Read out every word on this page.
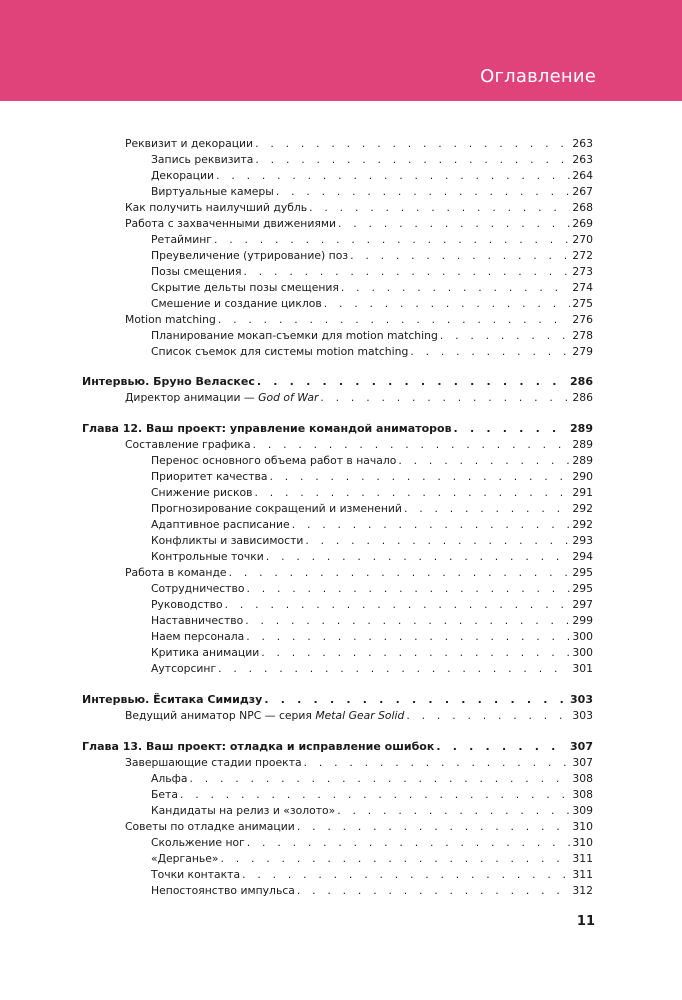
Оглавление
Реквизит и декорации . . .	263
Запись реквизита . . .	263
Декорации . . .	264
Виртуальные камеры . . .	267
Как получить наилучший дубль . . .	268
Работа с захваченными движениями . . .	269
Ретайминг . . .	270
Преувеличение (утрирование) поз . . .	272
Позы смещения . . .	273
Скрытие дельты позы смещения . . .	274
Смешение и создание циклов . . .	275
Motion matching . . .	276
Планирование мокап-съемки для motion matching . . .	278
Список съемок для системы motion matching . . .	279
Интервью. Бруно Веласкес . . .	286
Директор анимации — God of War . . .	286
Глава 12. Ваш проект: управление командой аниматоров . . .	289
Составление графика . . .	289
Перенос основного объема работ в начало . . .	289
Приоритет качества . . .	290
Снижение рисков . . .	291
Прогнозирование сокращений и изменений . . .	292
Адаптивное расписание . . .	292
Конфликты и зависимости . . .	293
Контрольные точки . . .	294
Работа в команде . . .	295
Сотрудничество . . .	295
Руководство . . .	297
Наставничество . . .	299
Наем персонала . . .	300
Критика анимации . . .	300
Аутсорсинг . . .	301
Интервью. Ёситака Симидзу . . .	303
Ведущий аниматор NPC — серия Metal Gear Solid . . .	303
Глава 13. Ваш проект: отладка и исправление ошибок . . .	307
Завершающие стадии проекта . . .	307
Альфа . . .	308
Бета . . .	308
Кандидаты на релиз и «золото» . . .	309
Советы по отладке анимации . . .	310
Скольжение ног . . .	310
«Дерганье» . . .	311
Точки контакта . . .	311
Непостоянство импульса . . .	312
11
